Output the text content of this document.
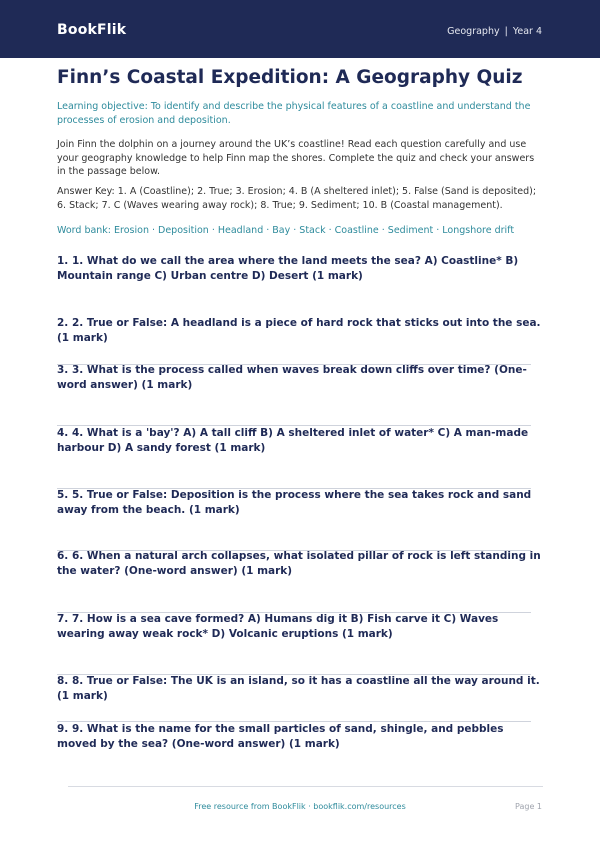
BookFlik	Geography | Year 4
Finn’s Coastal Expedition: A Geography Quiz
Learning objective: To identify and describe the physical features of a coastline and understand the processes of erosion and deposition.
Join Finn the dolphin on a journey around the UK’s coastline! Read each question carefully and use your geography knowledge to help Finn map the shores. Complete the quiz and check your answers in the passage below.
Answer Key: 1. A (Coastline); 2. True; 3. Erosion; 4. B (A sheltered inlet); 5. False (Sand is deposited); 6. Stack; 7. C (Waves wearing away rock); 8. True; 9. Sediment; 10. B (Coastal management).
Word bank: Erosion · Deposition · Headland · Bay · Stack · Coastline · Sediment · Longshore drift
1. 1. What do we call the area where the land meets the sea? A) Coastline* B) Mountain range C) Urban centre D) Desert (1 mark)
2. 2. True or False: A headland is a piece of hard rock that sticks out into the sea. (1 mark)
3. 3. What is the process called when waves break down cliffs over time? (One-word answer) (1 mark)
4. 4. What is a 'bay'? A) A tall cliff B) A sheltered inlet of water* C) A man-made harbour D) A sandy forest (1 mark)
5. 5. True or False: Deposition is the process where the sea takes rock and sand away from the beach. (1 mark)
6. 6. When a natural arch collapses, what isolated pillar of rock is left standing in the water? (One-word answer) (1 mark)
7. 7. How is a sea cave formed? A) Humans dig it B) Fish carve it C) Waves wearing away weak rock* D) Volcanic eruptions (1 mark)
8. 8. True or False: The UK is an island, so it has a coastline all the way around it. (1 mark)
9. 9. What is the name for the small particles of sand, shingle, and pebbles moved by the sea? (One-word answer) (1 mark)
Free resource from BookFlik · bookflik.com/resources	Page 1
